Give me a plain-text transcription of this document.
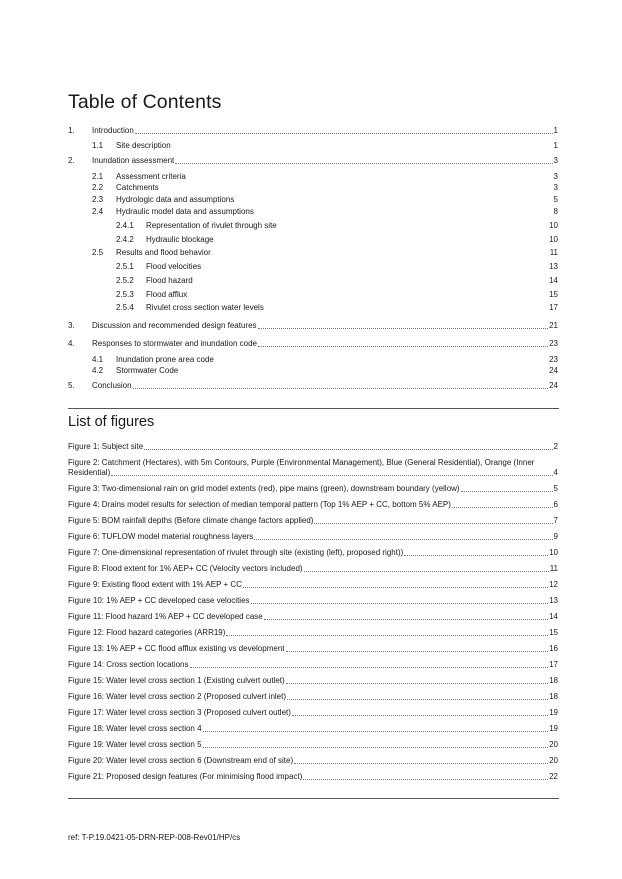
Table of Contents
1.	Introduction	1
1.1	Site description	1
2.	Inundation assessment	3
2.1	Assessment criteria	3
2.2	Catchments	3
2.3	Hydrologic data and assumptions	5
2.4	Hydraulic model data and assumptions	8
2.4.1	Representation of rivulet through site	10
2.4.2	Hydraulic blockage	10
2.5	Results and flood behavior	11
2.5.1	Flood velocities	13
2.5.2	Flood hazard	14
2.5.3	Flood afflux	15
2.5.4	Rivulet cross section water levels	17
3.	Discussion and recommended design features	21
4.	Responses to stormwater and inundation code	23
4.1	Inundation prone area code	23
4.2	Stormwater Code	24
5.	Conclusion	24
List of figures
Figure 1: Subject site	2
Figure 2: Catchment (Hectares), with 5m Contours, Purple (Environmental Management), Blue (General Residential), Orange (Inner
Residential)	4
Figure 3: Two-dimensional rain on grid model extents (red), pipe mains (green), downstream boundary (yellow)	5
Figure 4: Drains model results for selection of median temporal pattern (Top 1% AEP + CC, bottom 5% AEP)	6
Figure 5: BOM rainfall depths (Before climate change factors applied)	7
Figure 6: TUFLOW model material roughness layers	9
Figure 7: One-dimensional representation of rivulet through site (existing (left), proposed right))	10
Figure 8: Flood extent for 1% AEP+ CC (Velocity vectors included)	11
Figure 9: Existing flood extent with 1% AEP + CC	12
Figure 10: 1% AEP + CC developed case velocities	13
Figure 11: Flood hazard 1% AEP + CC developed case	14
Figure 12: Flood hazard categories (ARR19)	15
Figure 13: 1% AEP + CC flood afflux existing vs development	16
Figure 14: Cross section locations	17
Figure 15: Water level cross section 1 (Existing culvert outlet)	18
Figure 16: Water level cross section 2 (Proposed culvert inlet)	18
Figure 17: Water level cross section 3 (Proposed culvert outlet)	19
Figure 18: Water level cross section 4	19
Figure 19: Water level cross section 5	20
Figure 20: Water level cross section 6 (Downstream end of site)	20
Figure 21: Proposed design features (For minimising flood impact)	22
ref: T-P.19.0421-05-DRN-REP-008-Rev01/HP/cs
